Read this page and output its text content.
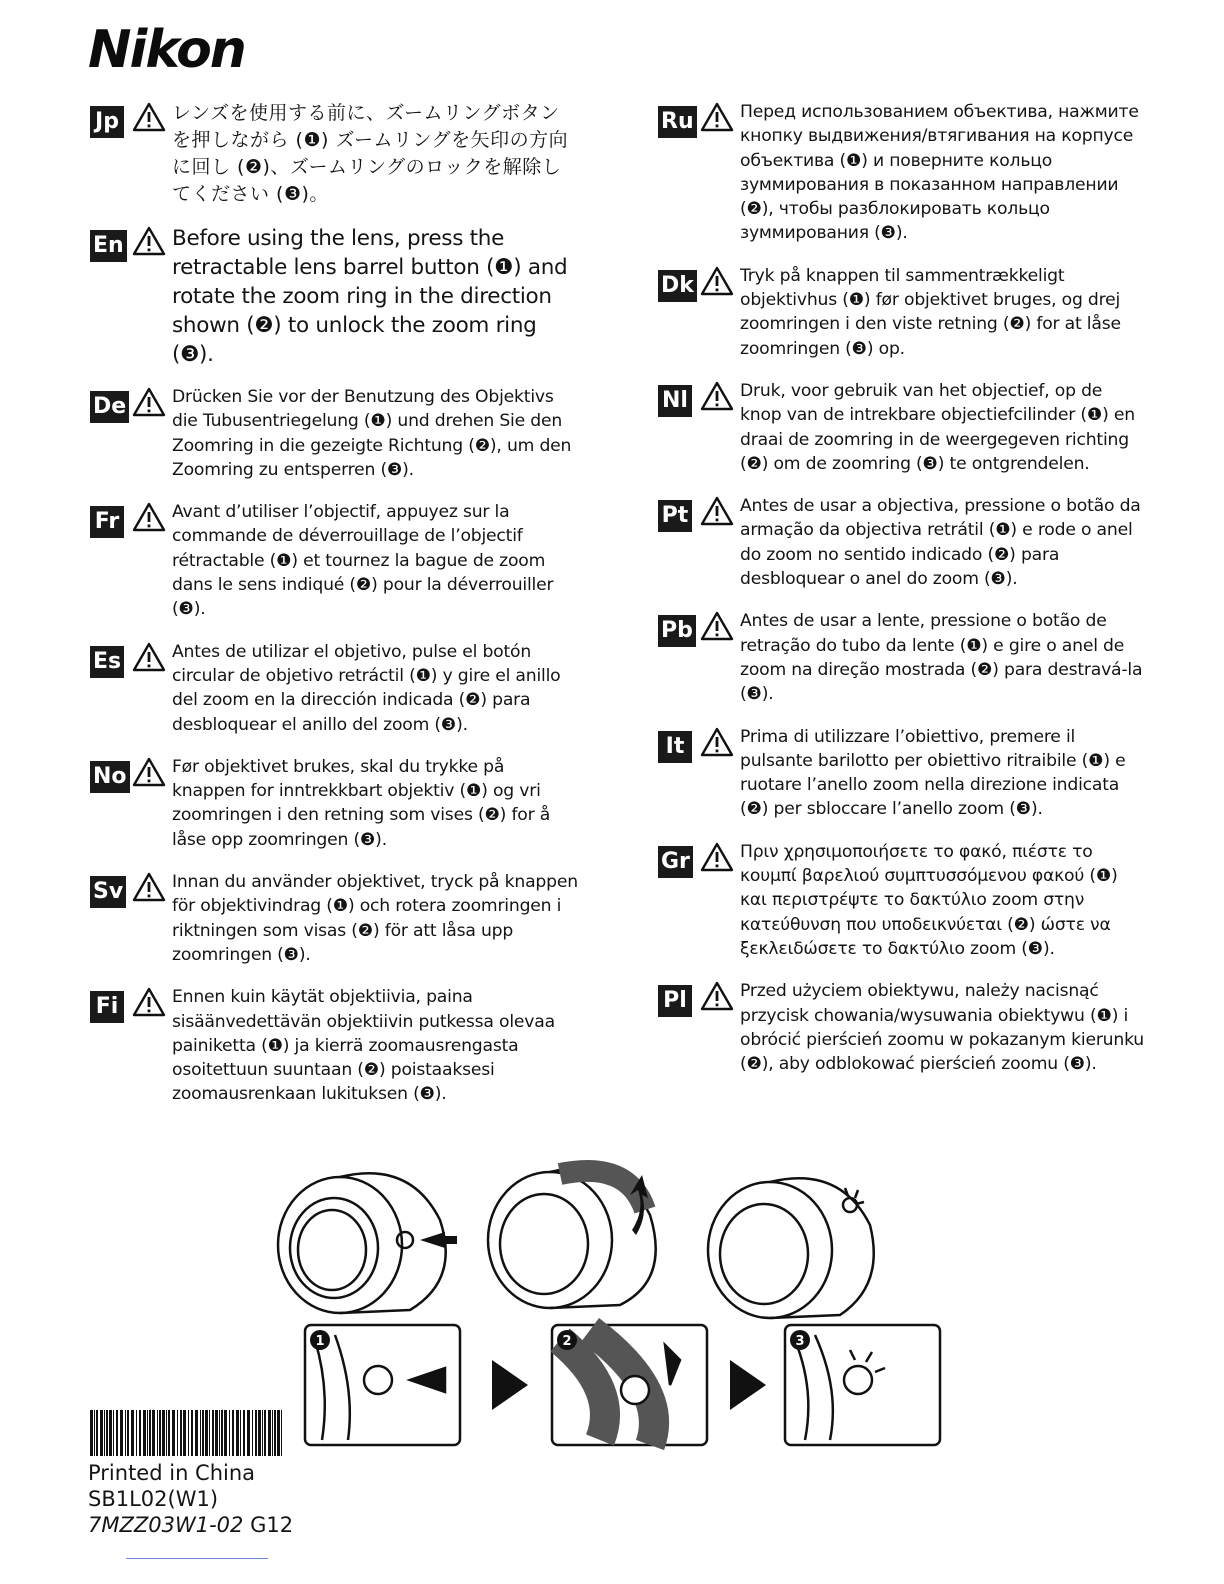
Nikon
Jp	レンズを使用する前に、ズームリングボタンを押しながら (❶) ズームリングを矢印の方向に回し (❷)、ズームリングのロックを解除してください (❸)。
En Before using the lens, press the retractable lens barrel button (❶) and rotate the zoom ring in the direction shown (❷) to unlock the zoom ring (❸).
De	Drücken Sie vor der Benutzung des Objektivs die Tubusentriegelung (❶) und drehen Sie den Zoomring in die gezeigte Richtung (❷), um den Zoomring zu entsperren (❸).
Fr	Avant d’utiliser l’objectif, appuyez sur la commande de déverrouillage de l’objectif rétractable (❶) et tournez la bague de zoom dans le sens indiqué (❷) pour la déverrouiller (❸).
Es	Antes de utilizar el objetivo, pulse el botón circular de objetivo retráctil (❶) y gire el anillo del zoom en la dirección indicada (❷) para desbloquear el anillo del zoom (❸).
No	Før objektivet brukes, skal du trykke på knappen for inntrekkbart objektiv (❶) og vri zoomringen i den retning som vises (❷) for å låse opp zoomringen (❸).
Sv	Innan du använder objektivet, tryck på knappen för objektivindrag (❶) och rotera zoomringen i riktningen som visas (❷) för att låsa upp zoomringen (❸).
Fi	Ennen kuin käytät objektiivia, paina sisäänvedettävän objektiivin putkessa olevaa painiketta (❶) ja kierrä zoomausrengasta osoitettuun suuntaan (❷) poistaaksesi zoomausrenkaan lukituksen (❸).
Ru	Перед использованием объектива, нажмите кнопку выдвижения/втягивания на корпусе объектива (❶) и поверните кольцо зуммирования в показанном направлении (❷), чтобы разблокировать кольцо зуммирования (❸).
Dk	Tryk på knappen til sammentrækkeligt objektivhus (❶) før objektivet bruges, og drej zoomringen i den viste retning (❷) for at låse zoomringen (❸) op.
Nl	Druk, voor gebruik van het objectief, op de knop van de intrekbare objectiefcilinder (❶) en draai de zoomring in de weergegeven richting (❷) om de zoomring (❸) te ontgrendelen.
Pt	Antes de usar a objectiva, pressione o botão da armação da objectiva retrátil (❶) e rode o anel do zoom no sentido indicado (❷) para desbloquear o anel do zoom (❸).
Pb	Antes de usar a lente, pressione o botão de retração do tubo da lente (❶) e gire o anel de zoom na direção mostrada (❷) para destravá-la (❸).
It	Prima di utilizzare l’obiettivo, premere il pulsante barilotto per obiettivo ritraibile (❶) e ruotare l’anello zoom nella direzione indicata (❷) per sbloccare l’anello zoom (❸).
Gr	Πριν χρησιμοποιήσετε το φακό, πιέστε το κουμπί βαρελιού συμπτυσσόμενου φακού (❶) και περιστρέψτε το δακτύλιο zoom στην κατεύθυνση που υποδεικνύεται (❷) ώστε να ξεκλειδώσετε το δακτύλιο zoom (❸).
Pl	Przed użyciem obiektywu, należy nacisnąć przycisk chowania/wysuwania obiektywu (❶) i obrócić pierścień zoomu w pokazanym kierunku (❷), aby odblokować pierścień zoomu (❸).
1	2	3
Printed in China
SB1L02(W1)
7MZZ03W1-02 G12
